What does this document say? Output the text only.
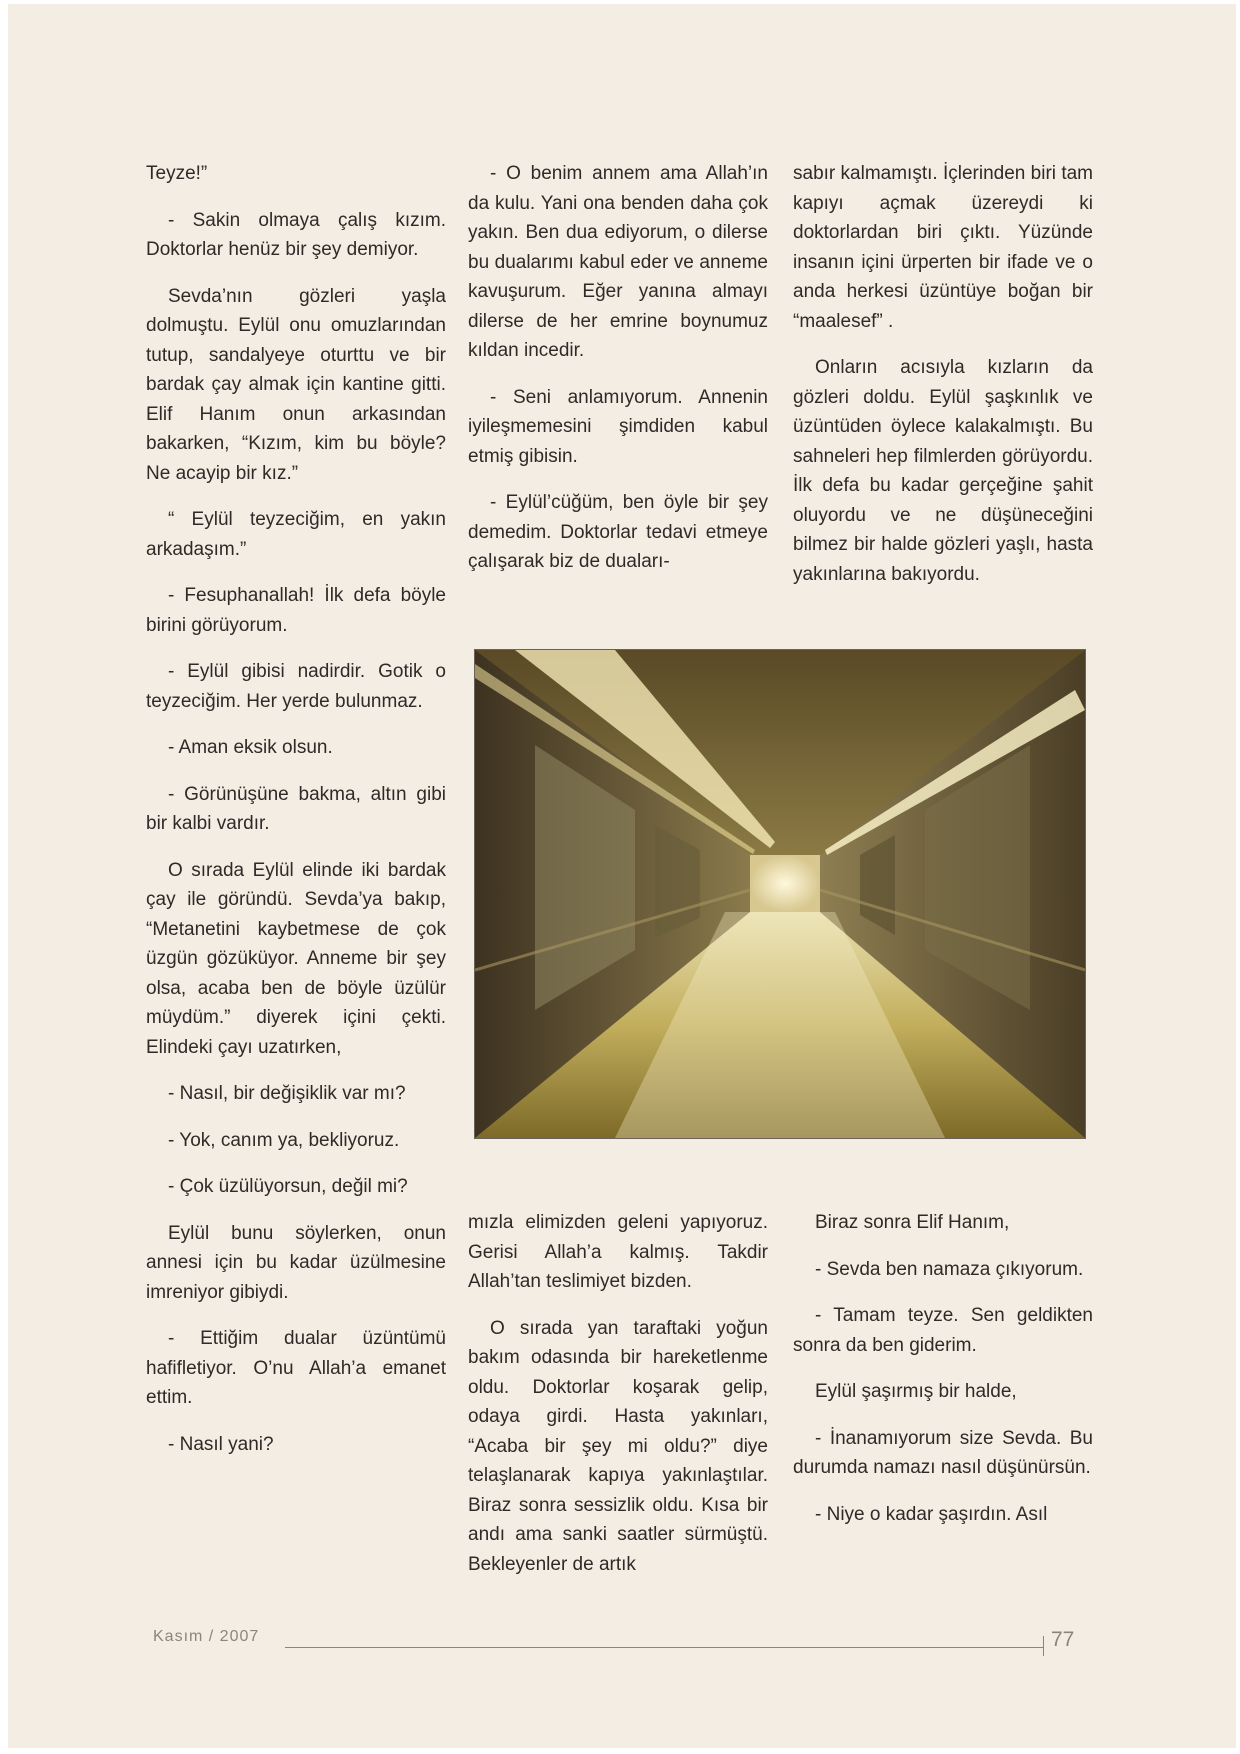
Teyze!”

- Sakin olmaya çalış kızım. Doktorlar henüz bir şey demiyor.

Sevda’nın gözleri yaşla dolmuştu. Eylül onu omuzlarından tutup, sandalyeye oturttu ve bir bardak çay almak için kantine gitti. Elif Hanım onun arkasından bakarken, “Kızım, kim bu böyle? Ne acayip bir kız.”

“ Eylül teyzeciğim, en yakın arkadaşım.”

- Fesuphanallah! İlk defa böyle birini görüyorum.

- Eylül gibisi nadirdir. Gotik o teyzeciğim. Her yerde bulunmaz.

- Aman eksik olsun.

- Görünüşüne bakma, altın gibi bir kalbi vardır.

O sırada Eylül elinde iki bardak çay ile göründü. Sevda’ya bakıp, “Metanetini kaybetmese de çok üzgün gözüküyor. Anneme bir şey olsa, acaba ben de böyle üzülür müydüm.” diyerek içini çekti. Elindeki çayı uzatırken,

- Nasıl, bir değişiklik var mı?

- Yok, canım ya, bekliyoruz.

- Çok üzülüyorsun, değil mi?

Eylül bunu söylerken, onun annesi için bu kadar üzülmesine imreniyor gibiydi.

- Ettiğim dualar üzüntümü hafifletiyor. O’nu Allah’a emanet ettim.

- Nasıl yani?

- O benim annem ama Allah’ın da kulu. Yani ona benden daha çok yakın. Ben dua ediyorum, o dilerse bu dualarımı kabul eder ve anneme kavuşurum. Eğer yanına almayı dilerse de her emrine boynumuz kıldan incedir.

- Seni anlamıyorum. Annenin iyileşmemesini şimdiden kabul etmiş gibisin.

- Eylül’cüğüm, ben öyle bir şey demedim. Doktorlar tedavi etmeye çalışarak biz de duaları-

sabır kalmamıştı. İçlerinden biri tam kapıyı açmak üzereydi ki doktorlardan biri çıktı. Yüzünde insanın içini ürperten bir ifade ve o anda herkesi üzüntüye boğan bir “maalesef” .

Onların acısıyla kızların da gözleri doldu. Eylül şaşkınlık ve üzüntüden öylece kalakalmıştı. Bu sahneleri hep filmlerden görüyordu. İlk defa bu kadar gerçeğine şahit oluyordu ve ne düşüneceğini bilmez bir halde gözleri yaşlı, hasta yakınlarına bakıyordu.

mızla elimizden geleni yapıyoruz. Gerisi Allah’a kalmış. Takdir Allah’tan teslimiyet bizden.

O sırada yan taraftaki yoğun bakım odasında bir hareketlenme oldu. Doktorlar koşarak gelip, odaya girdi. Hasta yakınları, “Acaba bir şey mi oldu?” diye telaşlanarak kapıya yakınlaştılar. Biraz sonra sessizlik oldu. Kısa bir andı ama sanki saatler sürmüştü. Bekleyenler de artık

Biraz sonra Elif Hanım,

- Sevda ben namaza çıkıyorum.

- Tamam teyze. Sen geldikten sonra da ben giderim.

Eylül şaşırmış bir halde,

- İnanamıyorum size Sevda. Bu durumda namazı nasıl düşünürsün.

- Niye o kadar şaşırdın. Asıl

Kasım / 2007	77
